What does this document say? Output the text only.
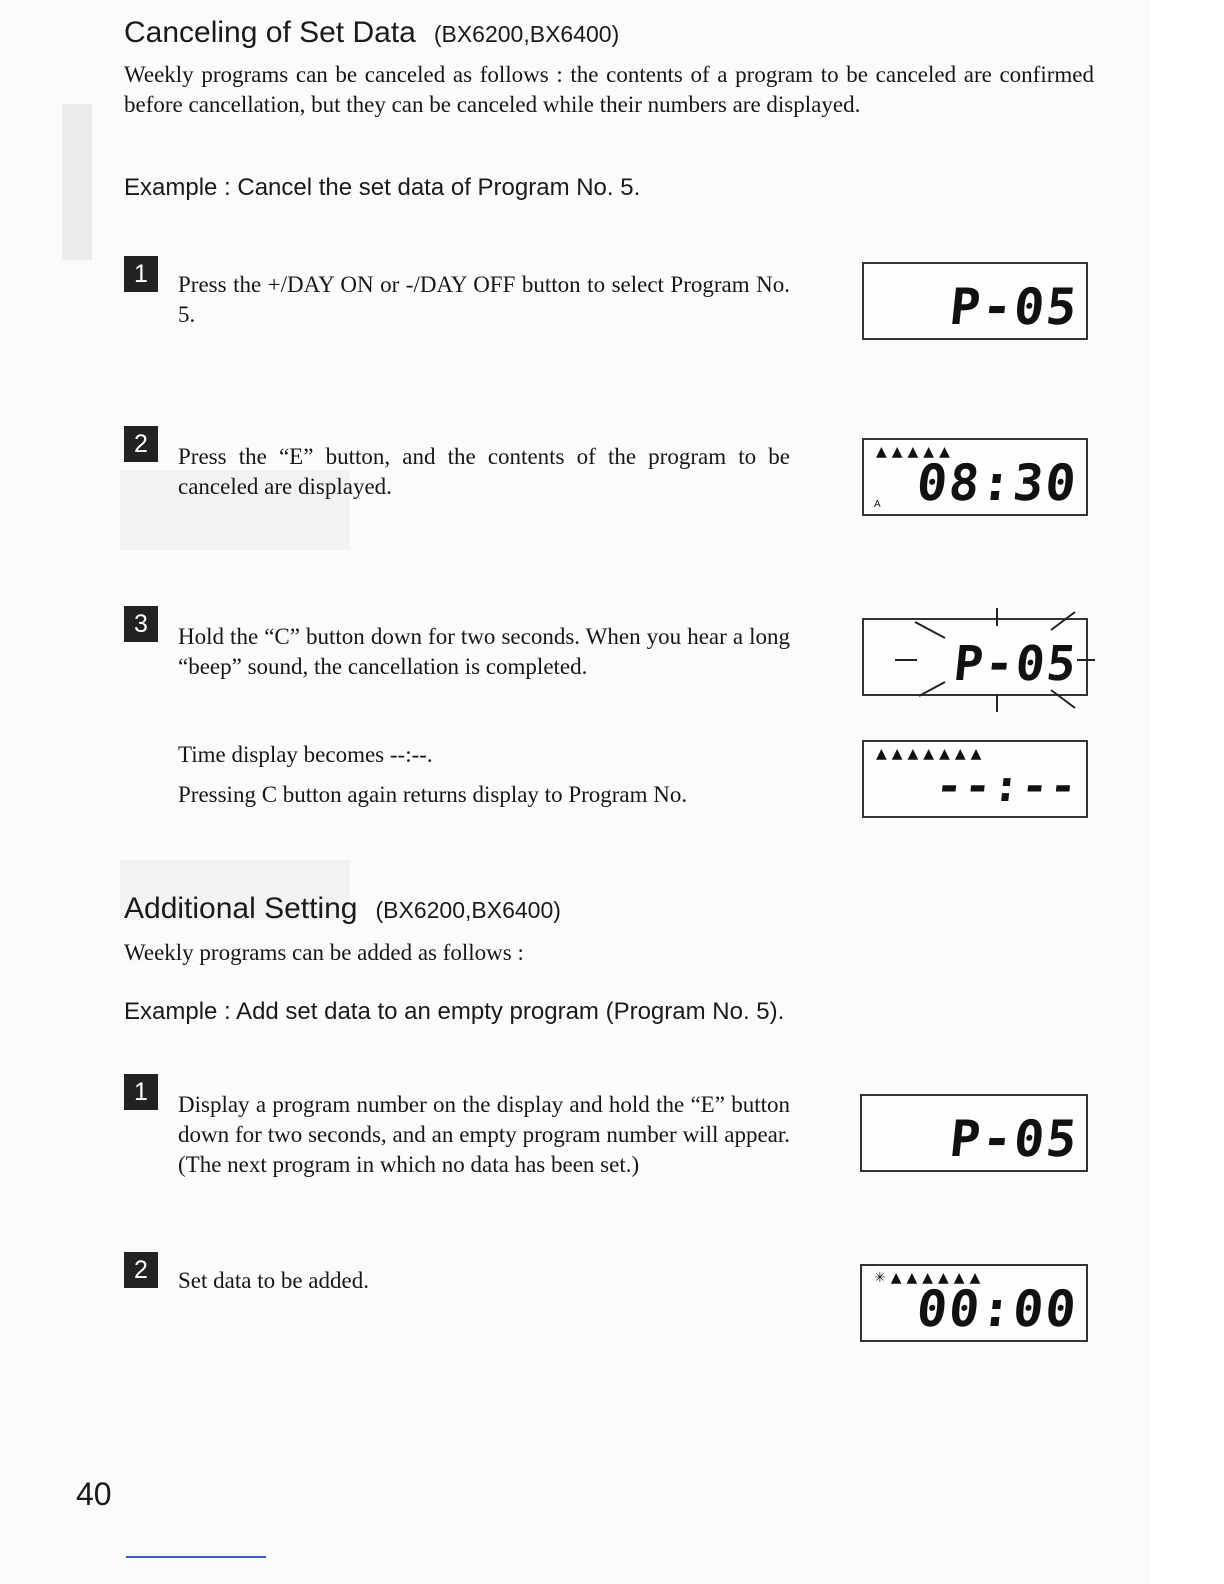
Canceling of Set Data (BX6200,BX6400)
Weekly programs can be canceled as follows : the contents of a program to be canceled are confirmed before cancellation, but they can be canceled while their numbers are displayed.
Example : Cancel the set data of Program No. 5.
1	Press the +/DAY ON or -/DAY OFF button to select Program No. 5.	P-05
2	Press the “E” button, and the contents of the program to be canceled are displayed.
▲▲▲▲▲
A 08:30
3	Hold the “C” button down for two seconds. When you hear a long “beep” sound, the cancellation is completed.	P-05
Time display becomes --:--.
Pressing C button again returns display to Program No.
▲▲▲▲▲▲▲
--:--
Additional Setting (BX6200,BX6400)
Weekly programs can be added as follows :
Example : Add set data to an empty program (Program No. 5).
1	Display a program number on the display and hold the “E” button down for two seconds, and an empty program number will appear. (The next program in which no data has been set.)	P-05
2	Set data to be added.	✳▲▲▲▲▲▲
00:00
40
